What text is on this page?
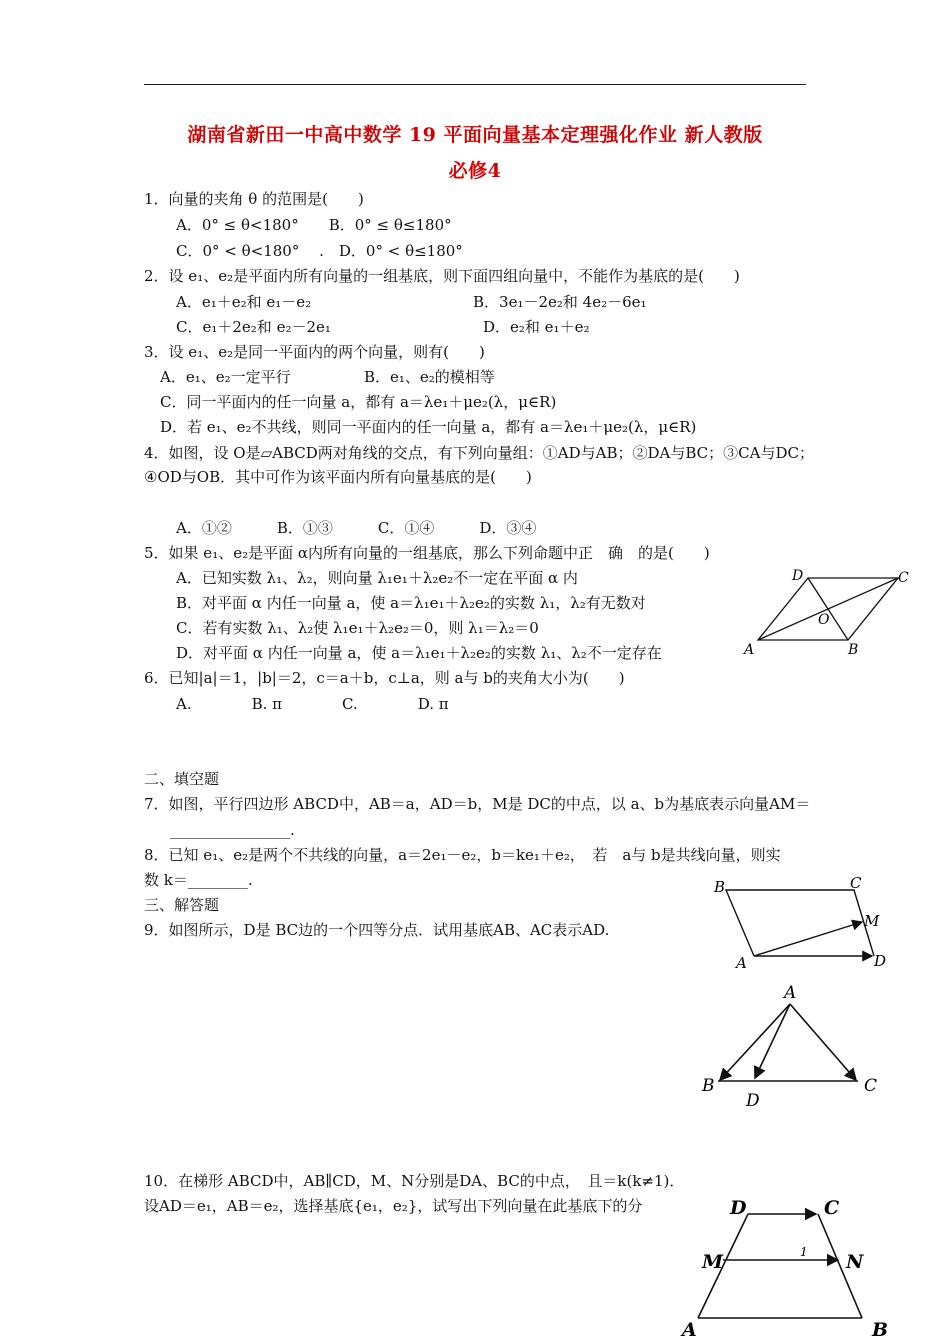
湖南省新田一中高中数学 19 平面向量基本定理强化作业 新人教版
必修4
1．向量的夹角 θ 的范围是(　　)
A．0° ≤ θ<180°　　B．0° ≤ θ≤180°
C．0° < θ<180° 　.　D．0° < θ≤180°
2．设 e₁、e₂是平面内所有向量的一组基底，则下面四组向量中，不能作为基底的是(　　)
A．e₁＋e₂和 e₁－e₂	B．3e₁－2e₂和 4e₂－6e₁
C．e₁＋2e₂和 e₂－2e₁	D．e₂和 e₁＋e₂
3．设 e₁、e₂是同一平面内的两个向量，则有(　　)
A．e₁、e₂一定平行	B．e₁、e₂的模相等
C．同一平面内的任一向量 a，都有 a＝λe₁＋μe₂(λ，μ∈R)
D．若 e₁、e₂不共线，则同一平面内的任一向量 a，都有 a＝λe₁＋μe₂(λ，μ∈R)
4．如图，设 O是▱ABCD两对角线的交点，有下列向量组：①AD与AB；②DA与BC；③CA与DC；
④OD与OB．其中可作为该平面内所有向量基底的是(　　)
A．①②　　　B．①③　　　C．①④　　　D．③④
5．如果 e₁、e₂是平面 α内所有向量的一组基底，那么下列命题中正　确　的是(　　)
A．已知实数 λ₁、λ₂，则向量 λ₁e₁＋λ₂e₂不一定在平面 α 内
B．对平面 α 内任一向量 a，使 a＝λ₁e₁＋λ₂e₂的实数 λ₁，λ₂有无数对
C．若有实数 λ₁、λ₂使 λ₁e₁＋λ₂e₂＝0，则 λ₁＝λ₂＝0
D．对平面 α 内任一向量 a，使 a＝λ₁e₁＋λ₂e₂的实数 λ₁、λ₂不一定存在
6．已知|a|＝1，|b|＝2，c＝a＋b，c⊥a，则 a与 b的夹角大小为(　　)
A.　　　　B. π　　　　C.　　　　D. π
二、填空题
7．如图，平行四边形 ABCD中，AB＝a，AD＝b，M是 DC的中点，以 a、b为基底表示向量AM＝
________________.
8．已知 e₁、e₂是两个不共线的向量，a＝2e₁－e₂，b＝ke₁＋e₂，　若　a与 b是共线向量，则实
数 k＝________.
三、解答题
9．如图所示，D是 BC边的一个四等分点．试用基底AB、AC表示AD.
10．在梯形 ABCD中，AB∥CD，M、N分别是DA、BC的中点，　且＝k(k≠1)．
设AD＝e₁，AB＝e₂，选择基底{e₁，e₂}，试写出下列向量在此基底下的分
A	B
C
D
O
A
B	C
D
M
A
B	C
D
D	C
M	N
A	B
1
